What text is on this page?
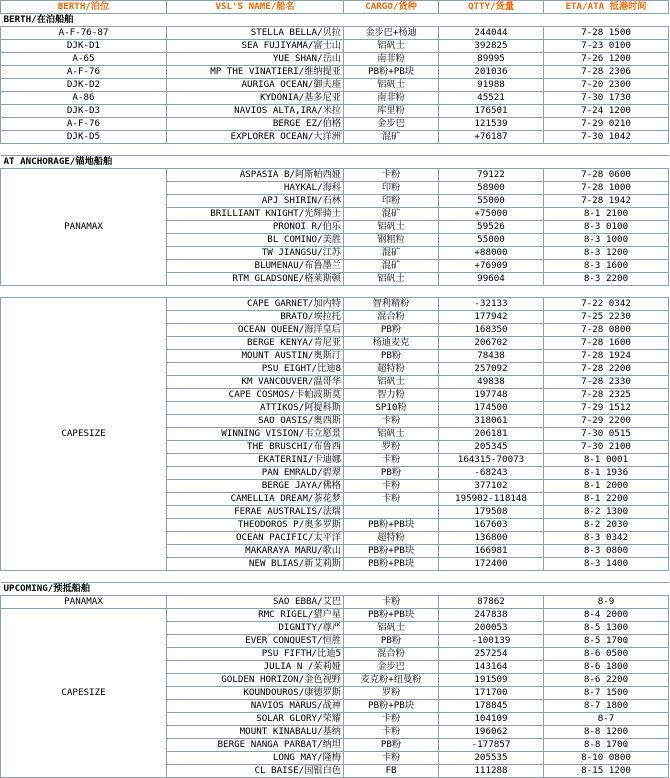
BERTH/泊位	VSL'S NAME/船名	CARGO/货种	QTTY/货量	ETA/ATA 抵港时间
BERTH/在泊船舶				
A-F-76-87	STELLA BELLA/贝拉	金步巴+杨迪	244044	7-28 1500
DJK-D1	SEA FUJIYAMA/富士山	铝矾土	392825	7-23 0100
A-65	YUE SHAN/岳山	南非粉	89995	7-26 1200
A-F-76	MP THE VINATIERI/维纳提亚	PB粉+PB块	201036	7-28 2306
DJK-D2	AURIGA OCEAN/御夫座	铝矾土	91988	7-20 2300
A-86	KYDONIA/基多尼亚	南非粉	45521	7-30 1730
DJK-D3	NAVIOS ALTA,IRA/米拉	库里粉	176501	7-24 1200
A-F-76	BERGE EZ/伯格	金步巴	121539	7-29 0210
DJK-D5	EXPLORER OCEAN/大洋洲	混矿	+76187	7-30 1042

AT ANCHORAGE/锚地船舶				
PANAMAX	ASPASIA B/阿斯帕西娅	卡粉	79122	7-28 0600
	HAYKAL/海科	印粉	58900	7-28 1000
	APJ SHIRIN/石林	印粉	55000	7-28 1942
	BRILLIANT KNIGHT/光辉骑士	混矿	+75000	8-1 2100
	PRONOI R/伯乐	铝矾土	59526	8-3 0100
	BL COMINO/美胜	钢粗粒	55000	8-3 1000
	TW JIANGSU/江苏	混矿	+88000	8-3 1200
	BLUMENAU/布鲁墨兰	混矿	+76909	8-3 1600
	RTM GLADSONE/格莱斯顿	铝矾土	99604	8-3 2200

CAPESIZE	CAPE GARNET/加内特	智利精粉	-32133	7-22 0342
	BRATO/埃拉托	混合粉	177942	7-25 2230
	OCEAN QUEEN/海洋皇后	PB粉	168350	7-28 0800
	BERGE KENYA/肯尼亚	杨迪麦克	206702	7-28 1600
	MOUNT AUSTIN/奥斯汀	PB粉	78438	7-28 1924
	PSU EIGHT/比迪8	超特粉	257092	7-28 2200
	KM VANCOUVER/温哥华	铝矾土	49838	7-28 2330
	CAPE COSMOS/卡帕波斯莫	智力粉	197748	7-28 2325
	ATTIKOS/阿提科斯	SP10粉	174500	7-29 1512
	SAO OASIS/奥西斯	卡粉	318061	7-29 2200
	WINNING VISION/韦立愿景	铝矾土	206181	7-30 0515
	THE BRUSCHI/布鲁西	罗粉	205345	7-30 2100
	EKATERINI/卡迪娜	卡粉	164315-70073	8-1 0001
	PAN EMRALD/碧翠	PB粉	-68243	8-1 1936
	BERGE JAYA/佛格	卡粉	377102	8-1 2000
	CAMELLIA DREAM/茶花梦	卡粉	195902-118148	8-1 2200
	FERAE AUSTRALIS/法瑞		179508	8-2 1300
	THEODOROS P/奥多罗斯	PB粉+PB块	167603	8-2 2030
	OCEAN PACIFIC/太平洋	超特粉	136800	8-3 0342
	MAKARAYA MARU/歌山	PB粉+PB块	166981	8-3 0800
	NEW BLIAS/新艾莉斯	PB粉+PB块	172400	8-3 1400

UPCOMING/预抵船舶				
PANAMAX	SAO EBBA/艾巴	卡粉	87862	8-9
CAPESIZE	RMC RIGEL/猎户星	PB粉+PB块	247838	8-4 2000
	DIGNITY/尊严	铝矾土	200053	8-5 1300
	EVER CONQUEST/恒胜	PB粉	-100139	8-5 1700
	PSU FIFTH/比迪5	混合粉	257254	8-6 0500
	JULIA N /茱莉娅	金步巴	143164	8-6 1800
	GOLDEN HORIZON/金色视野	麦克粉+纽曼粉	191509	8-6 2200
	KOUNDOUROS/康德罗斯	罗粉	171700	8-7 1500
	NAVIOS MARUS/战神	PB粉+PB块	178845	8-7 1800
	SOLAR GLORY/荣耀	卡粉	104109	8-7
	MOUNT KINABALU/基纳	卡粉	196062	8-8 1200
	BERGE NANGA PARBAT/纳坦	PB粉	-177857	8-8 1700
	LONG MAY/隆梅	卡粉	205535	8-10 0800
	CL BAISE/国银白色	FB	111288	8-15 1200
